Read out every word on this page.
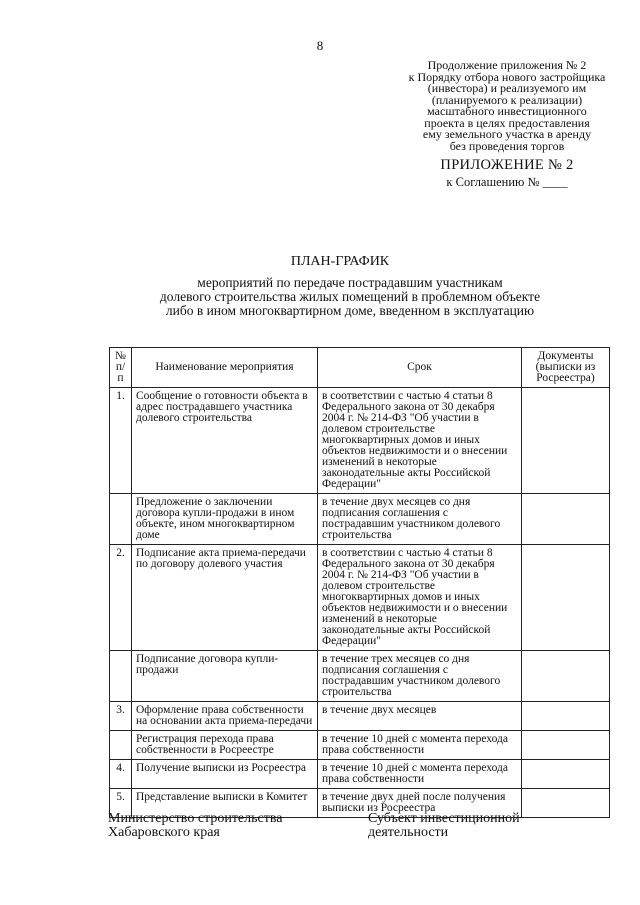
8
Продолжение приложения № 2
к Порядку отбора нового застройщика
(инвестора) и реализуемого им
(планируемого к реализации)
масштабного инвестиционного
проекта в целях предоставления
ему земельного участка в аренду
без проведения торгов
ПРИЛОЖЕНИЕ № 2
к Соглашению № ____
ПЛАН-ГРАФИК
мероприятий по передаче пострадавшим участникам
долевого строительства жилых помещений в проблемном объекте
либо в ином многоквартирном доме, введенном в эксплуатацию
№ п/п	Наименование мероприятия	Срок	Документы (выписки из Росреестра)
1.	Сообщение о готовности объекта в адрес пострадавшего участника долевого строительства	в соответствии с частью 4 статьи 8 Федерального закона от 30 декабря 2004 г. № 214-ФЗ "Об участии в долевом строительстве многоквартирных домов и иных объектов недвижимости и о внесении изменений в некоторые законодательные акты Российской Федерации"	
	Предложение о заключении договора купли-продажи в ином объекте, ином многоквартирном доме	в течение двух месяцев со дня подписания соглашения с пострадавшим участником долевого строительства	
2.	Подписание акта приема-передачи по договору долевого участия	в соответствии с частью 4 статьи 8 Федерального закона от 30 декабря 2004 г. № 214-ФЗ "Об участии в долевом строительстве многоквартирных домов и иных объектов недвижимости и о внесении изменений в некоторые законодательные акты Российской Федерации"	
	Подписание договора купли-продажи	в течение трех месяцев со дня подписания соглашения с пострадавшим участником долевого строительства	
3.	Оформление права собственности на основании акта приема-передачи	в течение двух месяцев	
	Регистрация перехода права собственности в Росреестре	в течение 10 дней с момента перехода права собственности	
4.	Получение выписки из Росреестра	в течение 10 дней с момента перехода права собственности	
5.	Представление выписки в Комитет	в течение двух дней после получения выписки из Росреестра	
Министерство строительства
Хабаровского края
Субъект инвестиционной
деятельности
